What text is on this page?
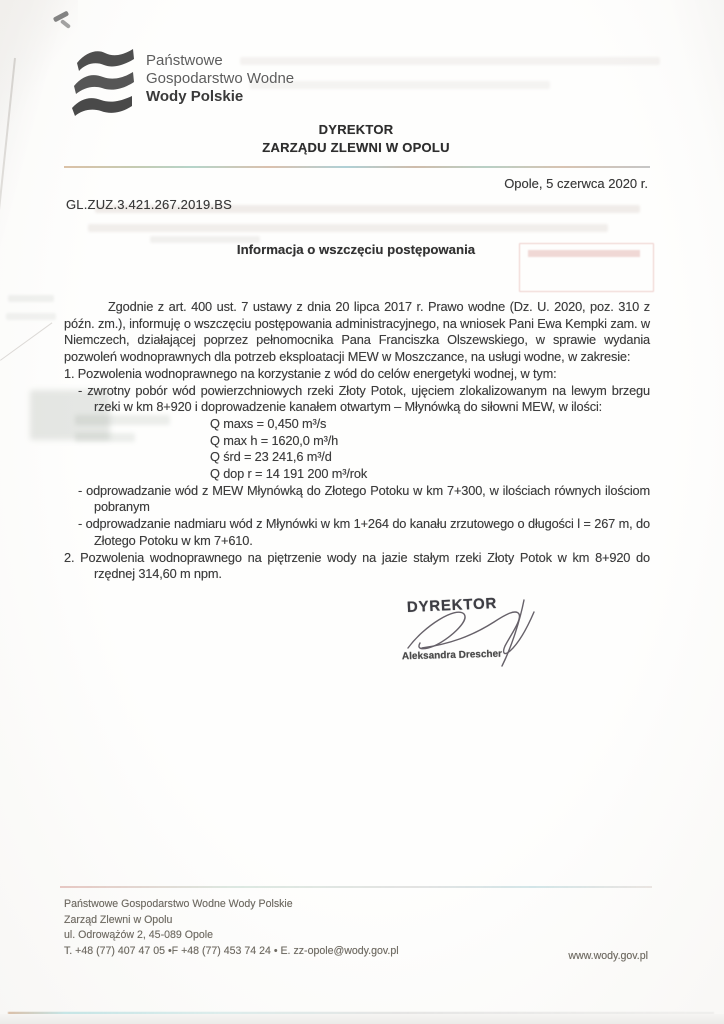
Państwowe
Gospodarstwo Wodne
Wody Polskie
DYREKTOR
ZARZĄDU ZLEWNI W OPOLU
Opole, 5 czerwca 2020 r.
GL.ZUZ.3.421.267.2019.BS
Informacja o wszczęciu postępowania

Zgodnie z art. 400 ust. 7 ustawy z dnia 20 lipca 2017 r. Prawo wodne (Dz. U. 2020, poz. 310 z późn. zm.), informuję o wszczęciu postępowania administracyjnego, na wniosek Pani Ewa Kempki zam. w Niemczech, działającej poprzez pełnomocnika Pana Franciszka Olszewskiego, w sprawie wydania pozwoleń wodnoprawnych dla potrzeb eksploatacji MEW w Moszczance, na usługi wodne, w zakresie:

1. Pozwolenia wodnoprawnego na korzystanie z wód do celów energetyki wodnej, w tym:

- zwrotny pobór wód powierzchniowych rzeki Złoty Potok, ujęciem zlokalizowanym na lewym brzegu rzeki w km 8+920 i doprowadzenie kanałem otwartym – Młynówką do siłowni MEW, w ilości:

Q maxs = 0,450 m³/s
Q max h = 1620,0 m³/h
Q śrd = 23 241,6 m³/d
Q dop r = 14 191 200 m³/rok

- odprowadzanie wód z MEW Młynówką do Złotego Potoku w km 7+300, w ilościach równych ilościom pobranym

- odprowadzanie nadmiaru wód z Młynówki w km 1+264 do kanału zrzutowego o długości l = 267 m, do Złotego Potoku w km 7+610.

2. Pozwolenia wodnoprawnego na piętrzenie wody na jazie stałym rzeki Złoty Potok w km 8+920 do rzędnej 314,60 m npm.

DYREKTOR
Aleksandra Drescher
Państwowe Gospodarstwo Wodne Wody Polskie
Zarząd Zlewni w Opolu
ul. Odrowążów 2, 45-089 Opole
T. +48 (77) 407 47 05 •F +48 (77) 453 74 24 • E. zz-opole@wody.gov.pl	www.wody.gov.pl
